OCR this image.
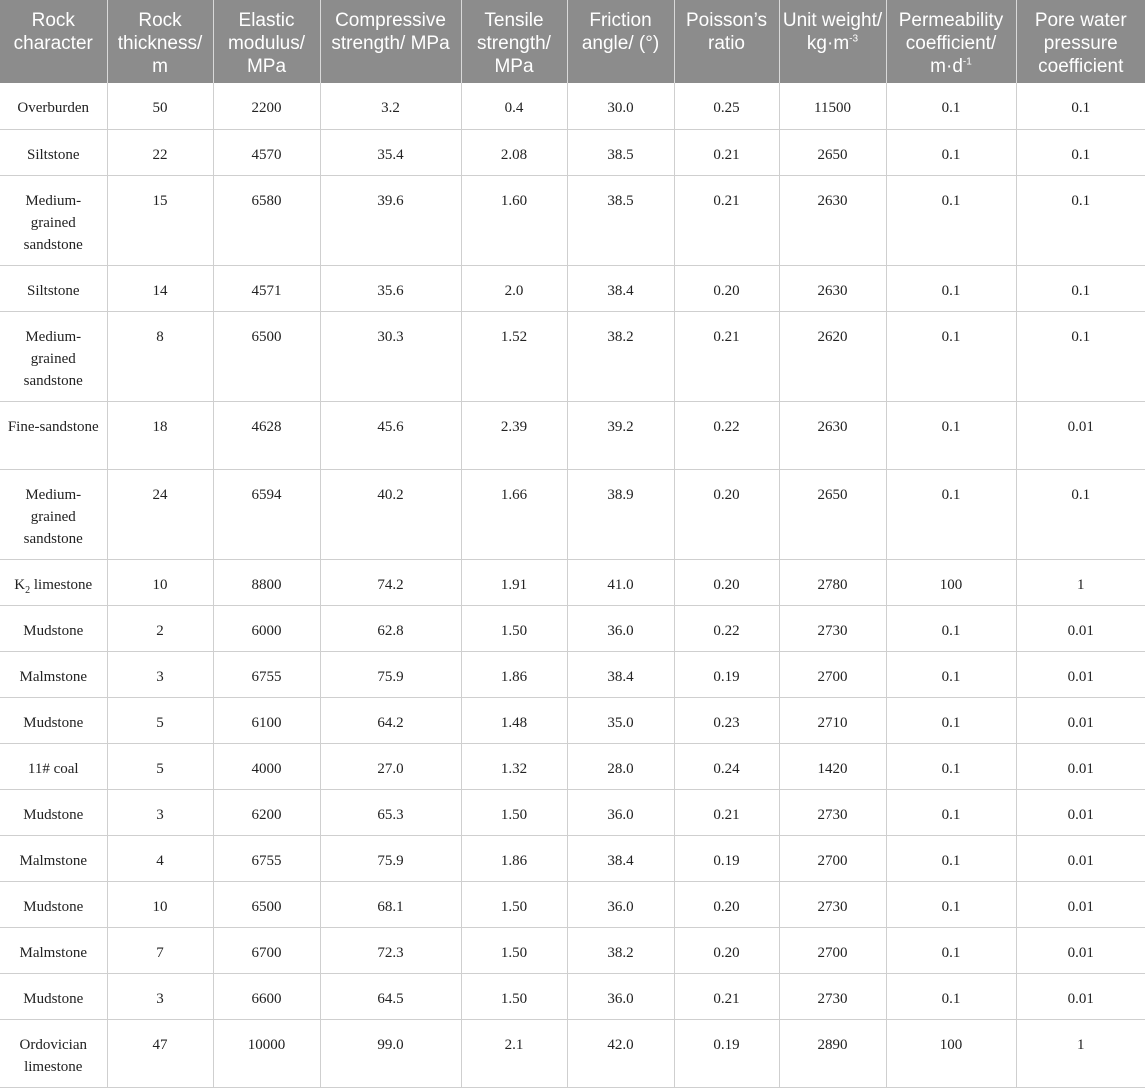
Rock character	Rock thickness/ m	Elastic modulus/ MPa	Compressive strength/ MPa	Tensile strength/ MPa	Friction angle/ (°)	Poisson’s ratio	Unit weight/ $kg\cdot m^{-3}$	Permeability coefficient/ $m\cdot d^{-1}$	Pore water pressure coefficient
Overburden	50	2200	3.2	0.4	30.0	0.25	11500	0.1	0.1
Siltstone	22	4570	35.4	2.08	38.5	0.21	2650	0.1	0.1
Medium-grained sandstone	15	6580	39.6	1.60	38.5	0.21	2630	0.1	0.1
Siltstone	14	4571	35.6	2.0	38.4	0.20	2630	0.1	0.1
Medium-grained sandstone	8	6500	30.3	1.52	38.2	0.21	2620	0.1	0.1
Fine-sandstone	18	4628	45.6	2.39	39.2	0.22	2630	0.1	0.01
Medium-grained sandstone	24	6594	40.2	1.66	38.9	0.20	2650	0.1	0.1
$K_2$ limestone	10	8800	74.2	1.91	41.0	0.20	2780	100	1
Mudstone	2	6000	62.8	1.50	36.0	0.22	2730	0.1	0.01
Malmstone	3	6755	75.9	1.86	38.4	0.19	2700	0.1	0.01
Mudstone	5	6100	64.2	1.48	35.0	0.23	2710	0.1	0.01
11# coal	5	4000	27.0	1.32	28.0	0.24	1420	0.1	0.01
Mudstone	3	6200	65.3	1.50	36.0	0.21	2730	0.1	0.01
Malmstone	4	6755	75.9	1.86	38.4	0.19	2700	0.1	0.01
Mudstone	10	6500	68.1	1.50	36.0	0.20	2730	0.1	0.01
Malmstone	7	6700	72.3	1.50	38.2	0.20	2700	0.1	0.01
Mudstone	3	6600	64.5	1.50	36.0	0.21	2730	0.1	0.01
Ordovician limestone	47	10000	99.0	2.1	42.0	0.19	2890	100	1
